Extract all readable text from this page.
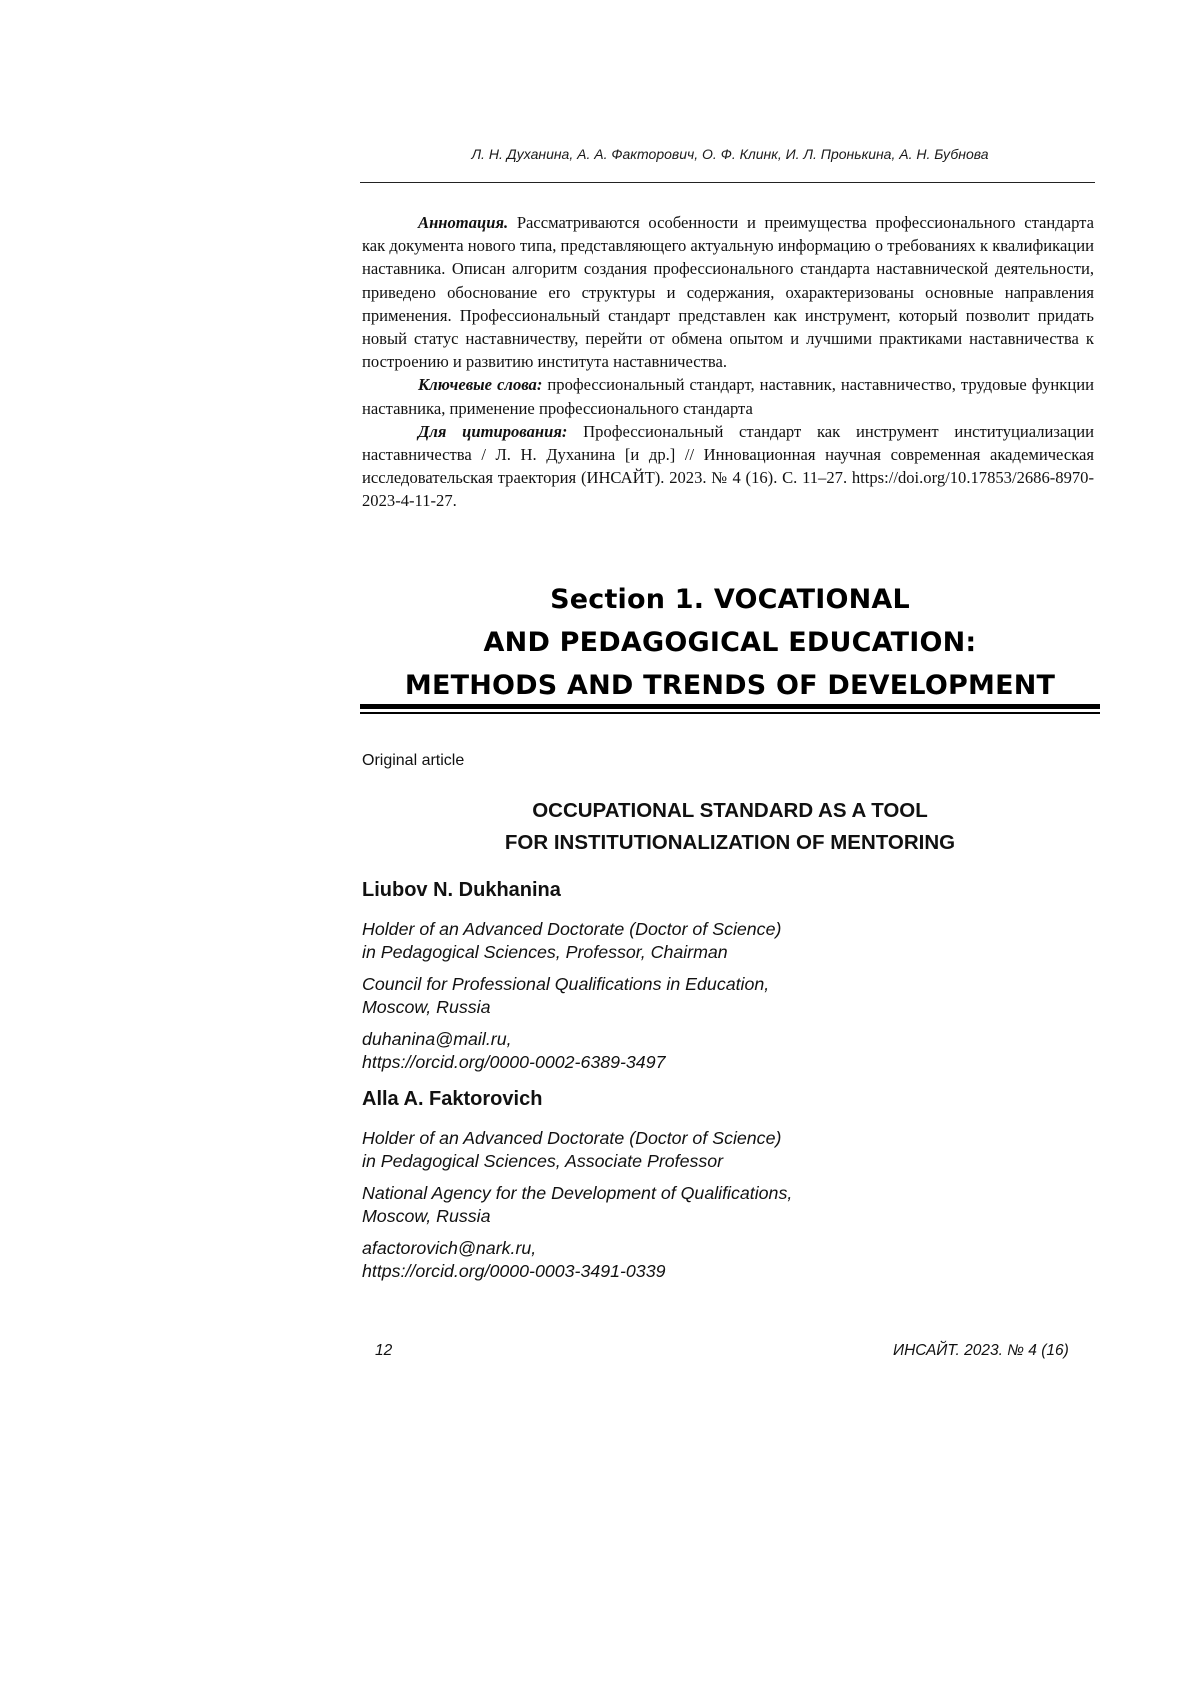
Л. Н. Духанина, А. А. Факторович, О. Ф. Клинк, И. Л. Пронькина, А. Н. Бубнова

Аннотация. Рассматриваются особенности и преимущества профессионального стандарта как документа нового типа, представляющего актуальную информацию о требованиях к квалификации наставника. Описан алгоритм создания профессионального стандарта наставнической деятельности, приведено обоснование его структуры и содержания, охарактеризованы основные направления применения. Профессиональный стандарт представлен как инструмент, который позволит придать новый статус наставничеству, перейти от обмена опытом и лучшими практиками наставничества к построению и развитию института наставничества.

Ключевые слова: профессиональный стандарт, наставник, наставничество, трудовые функции наставника, применение профессионального стандарта

Для цитирования: Профессиональный стандарт как инструмент институциализации наставничества / Л. Н. Духанина [и др.] // Инновационная научная современная академическая исследовательская траектория (ИНСАЙТ). 2023. № 4 (16). С. 11–27. https://doi.org/10.17853/2686-8970-2023-4-11-27.

Section 1. VOCATIONAL
AND PEDAGOGICAL EDUCATION:
METHODS AND TRENDS OF DEVELOPMENT
Original article
OCCUPATIONAL STANDARD AS A TOOL
FOR INSTITUTIONALIZATION OF MENTORING
Liubov N. Dukhanina
Holder of an Advanced Doctorate (Doctor of Science)
in Pedagogical Sciences, Professor, Chairman
Council for Professional Qualifications in Education,
Moscow, Russia
duhanina@mail.ru,
https://orcid.org/0000-0002-6389-3497
Alla A. Faktorovich
Holder of an Advanced Doctorate (Doctor of Science)
in Pedagogical Sciences, Associate Professor
National Agency for the Development of Qualifications,
Moscow, Russia
afactorovich@nark.ru,
https://orcid.org/0000-0003-3491-0339
12	ИНСАЙТ. 2023. № 4 (16)
